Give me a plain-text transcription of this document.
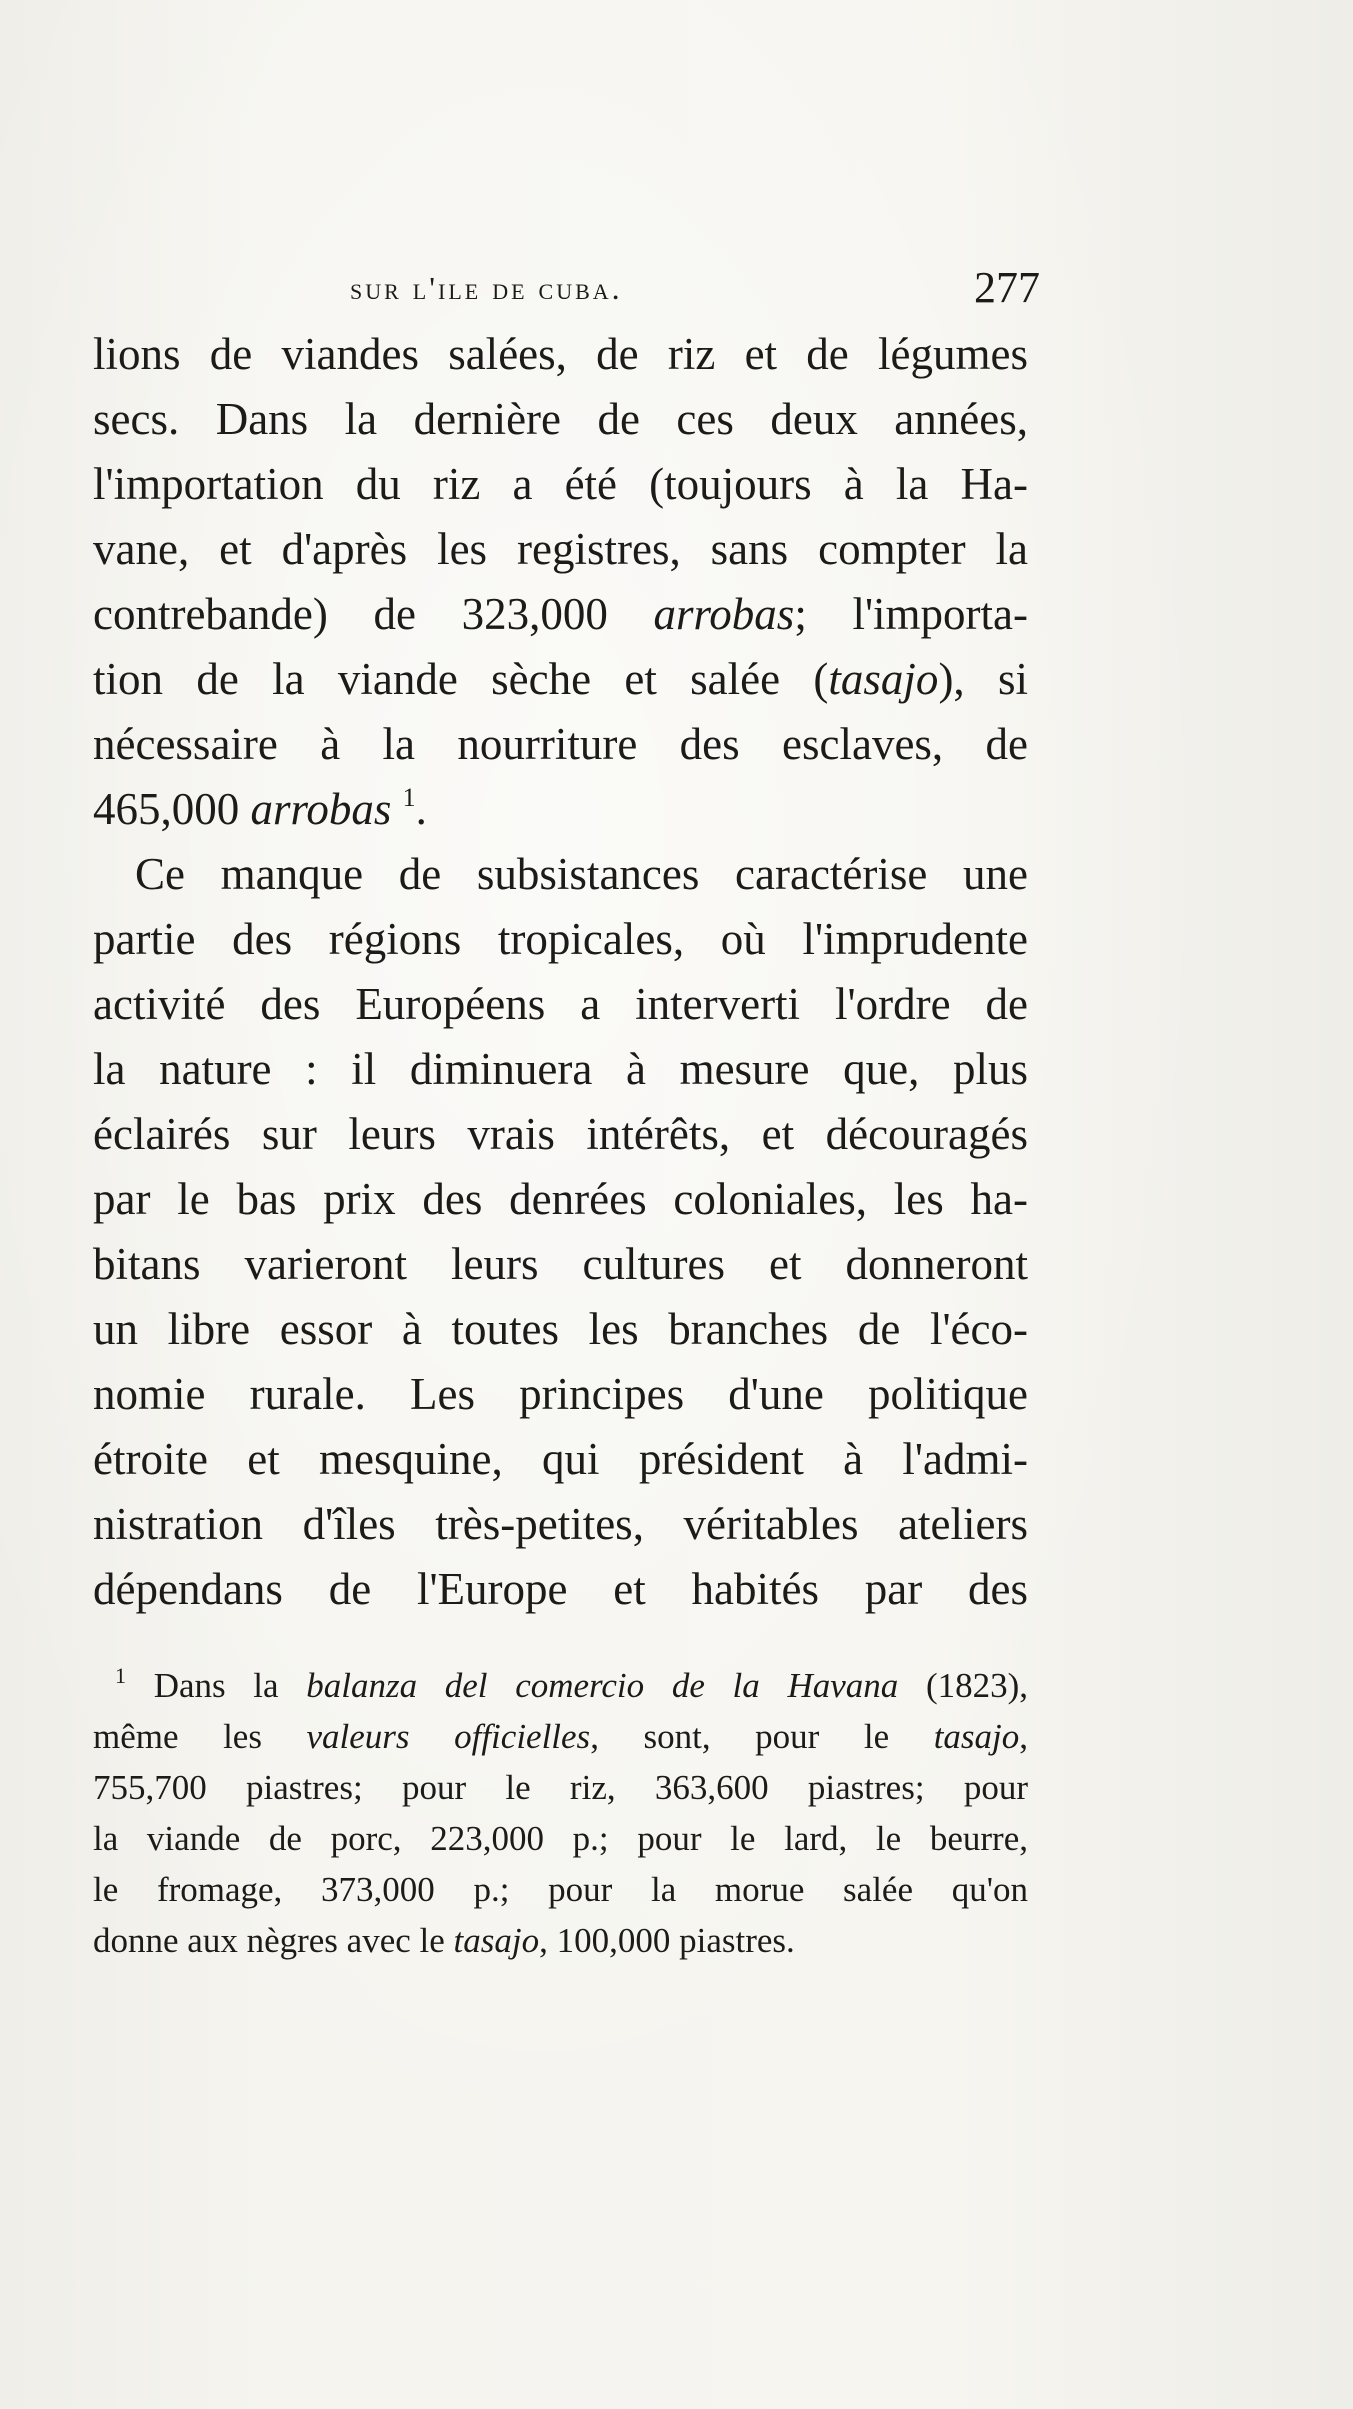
sur l'ile de cuba.	277
lions de viandes salées, de riz et de légumes
secs. Dans la dernière de ces deux années,
l'importation du riz a été (toujours à la Ha-
vane, et d'après les registres, sans compter la
contrebande) de 323,000 arrobas; l'importa-
tion de la viande sèche et salée (tasajo), si
nécessaire à la nourriture des esclaves, de
465,000 arrobas $^1$.
Ce manque de subsistances caractérise une
partie des régions tropicales, où l'imprudente
activité des Européens a interverti l'ordre de
la nature : il diminuera à mesure que, plus
éclairés sur leurs vrais intérêts, et découragés
par le bas prix des denrées coloniales, les ha-
bitans varieront leurs cultures et donneront
un libre essor à toutes les branches de l'éco-
nomie rurale. Les principes d'une politique
étroite et mesquine, qui président à l'admi-
nistration d'îles très-petites, véritables ateliers
dépendans de l'Europe et habités par des
$^1$ Dans la balanza del comercio de la Havana (1823),
même les valeurs officielles, sont, pour le tasajo,
755,700 piastres; pour le riz, 363,600 piastres; pour
la viande de porc, 223,000 p.; pour le lard, le beurre,
le fromage, 373,000 p.; pour la morue salée qu'on
donne aux nègres avec le tasajo, 100,000 piastres.
